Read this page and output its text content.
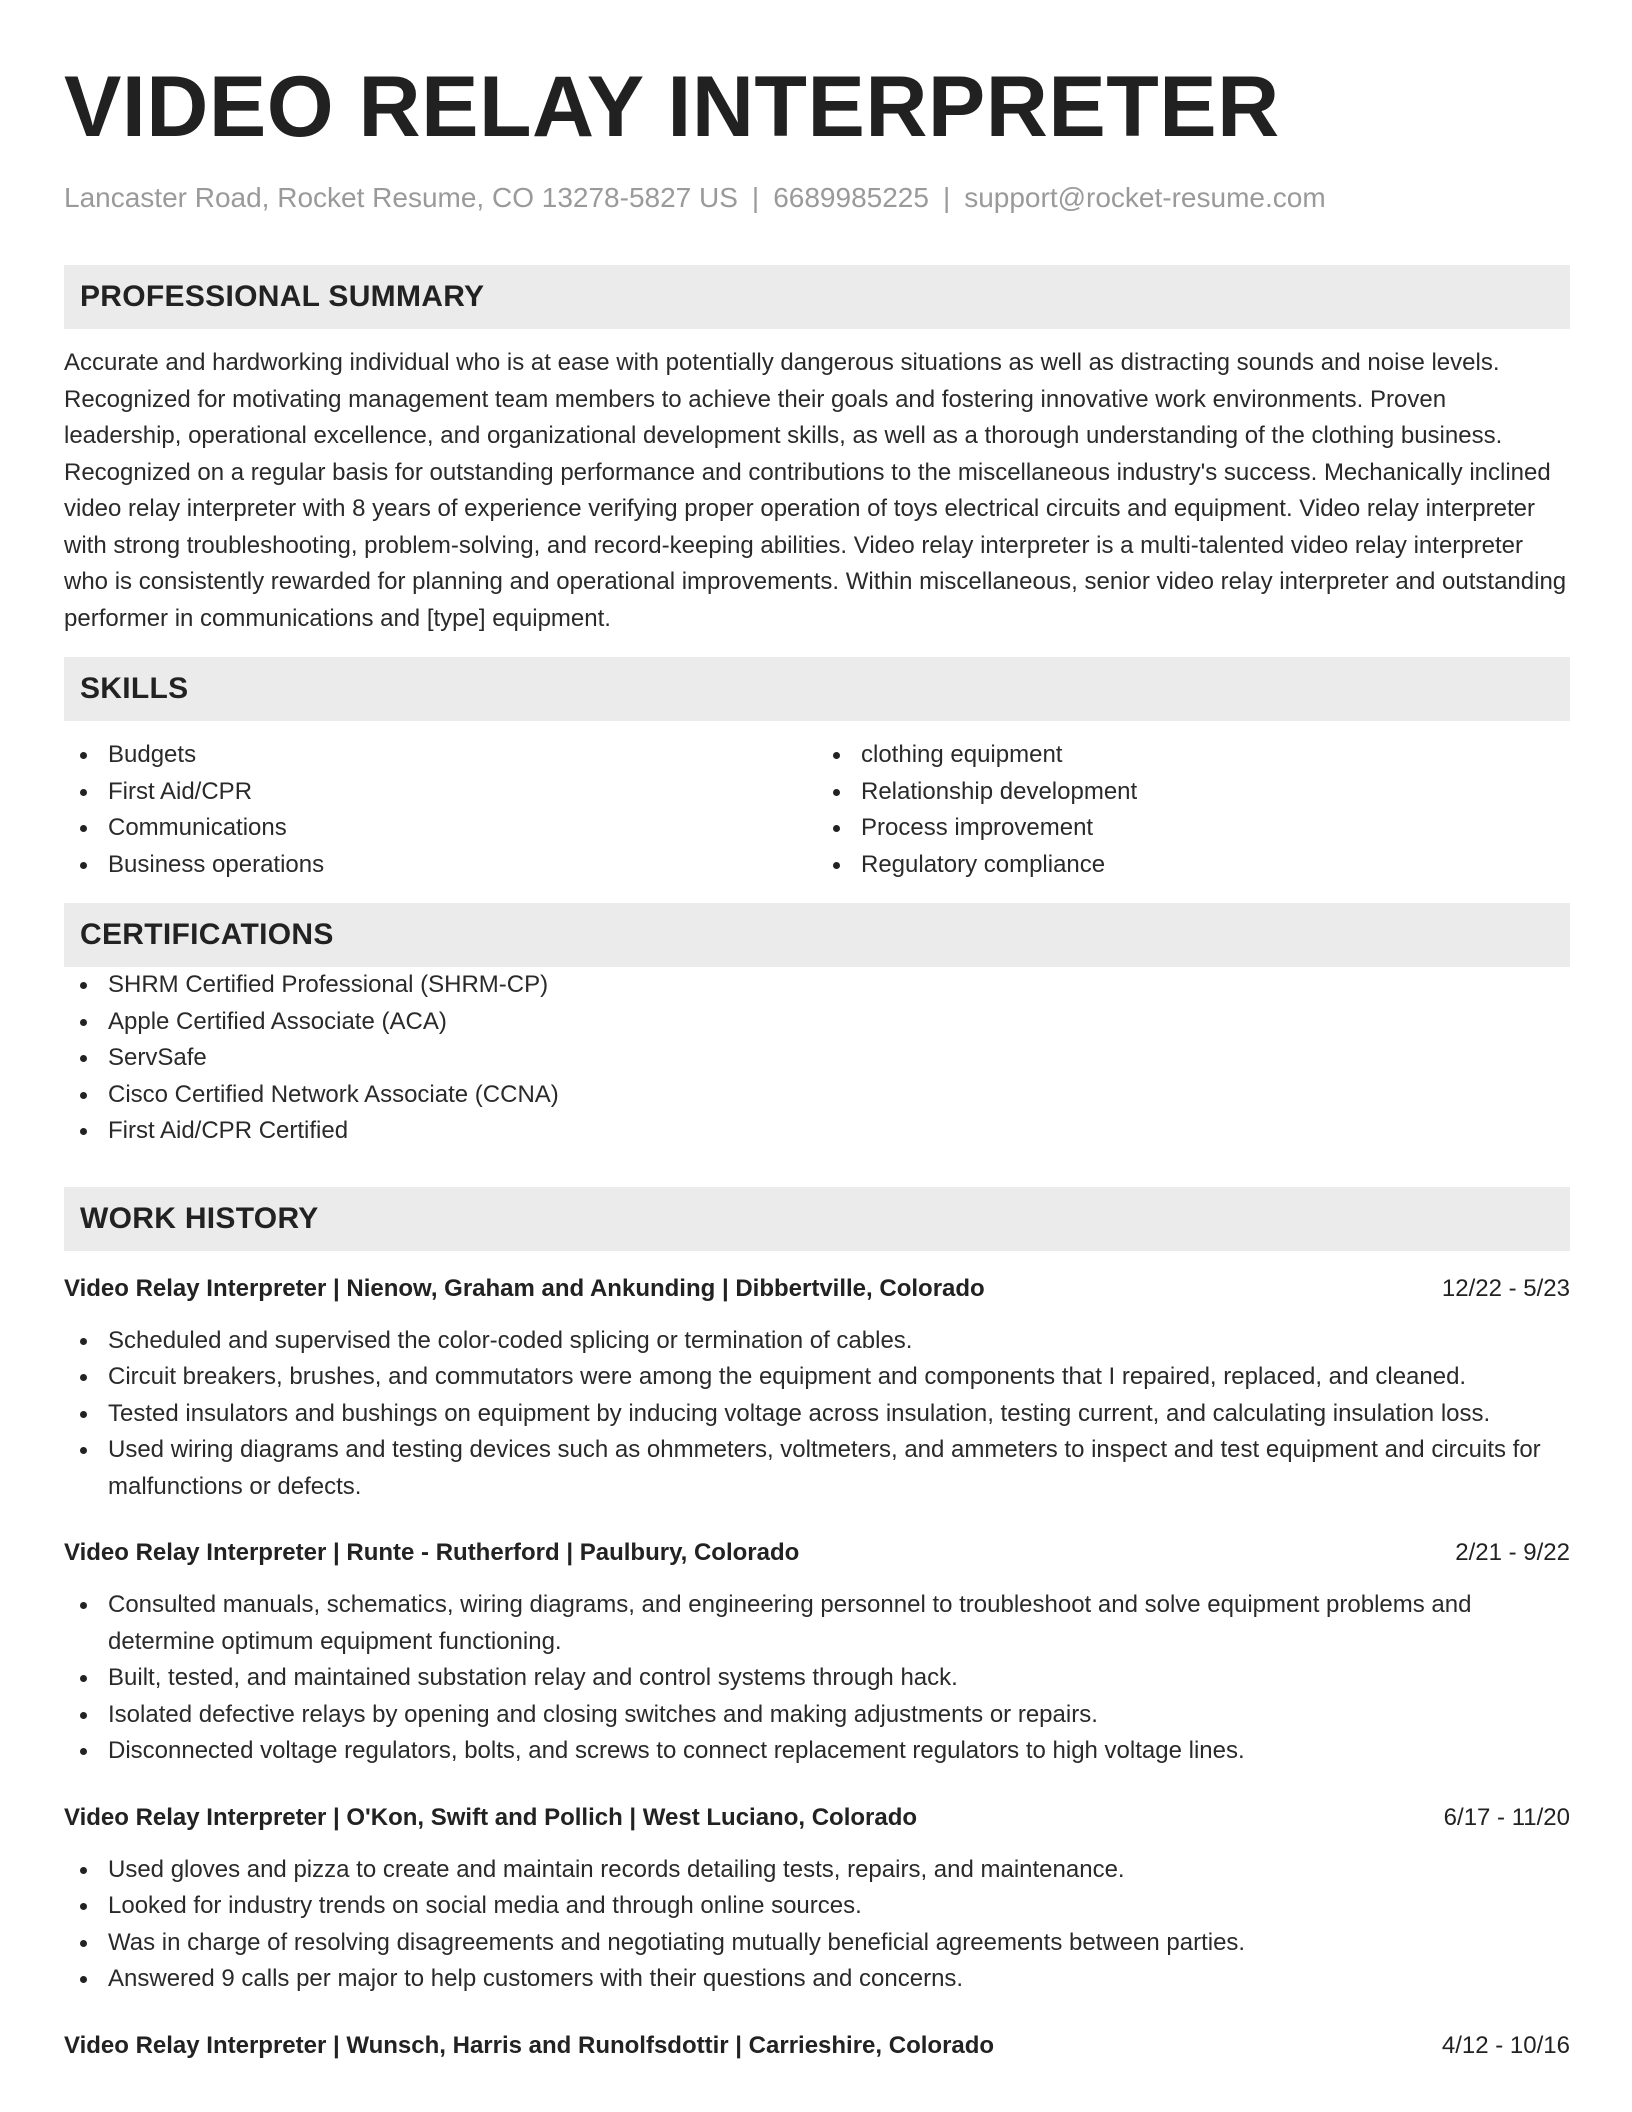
VIDEO RELAY INTERPRETER
Lancaster Road, Rocket Resume, CO 13278-5827 US | 6689985225 | support@rocket-resume.com
PROFESSIONAL SUMMARY
Accurate and hardworking individual who is at ease with potentially dangerous situations as well as distracting sounds and noise levels. Recognized for motivating management team members to achieve their goals and fostering innovative work environments. Proven leadership, operational excellence, and organizational development skills, as well as a thorough understanding of the clothing business. Recognized on a regular basis for outstanding performance and contributions to the miscellaneous industry's success. Mechanically inclined video relay interpreter with 8 years of experience verifying proper operation of toys electrical circuits and equipment. Video relay interpreter with strong troubleshooting, problem-solving, and record-keeping abilities. Video relay interpreter is a multi-talented video relay interpreter who is consistently rewarded for planning and operational improvements. Within miscellaneous, senior video relay interpreter and outstanding performer in communications and [type] equipment.
SKILLS
Budgets
First Aid/CPR
Communications
Business operations
clothing equipment
Relationship development
Process improvement
Regulatory compliance
CERTIFICATIONS
SHRM Certified Professional (SHRM-CP)
Apple Certified Associate (ACA)
ServSafe
Cisco Certified Network Associate (CCNA)
First Aid/CPR Certified
WORK HISTORY
Video Relay Interpreter | Nienow, Graham and Ankunding | Dibbertville, Colorado	12/22 - 5/23
Scheduled and supervised the color-coded splicing or termination of cables.
Circuit breakers, brushes, and commutators were among the equipment and components that I repaired, replaced, and cleaned.
Tested insulators and bushings on equipment by inducing voltage across insulation, testing current, and calculating insulation loss.
Used wiring diagrams and testing devices such as ohmmeters, voltmeters, and ammeters to inspect and test equipment and circuits for malfunctions or defects.
Video Relay Interpreter | Runte - Rutherford | Paulbury, Colorado	2/21 - 9/22
Consulted manuals, schematics, wiring diagrams, and engineering personnel to troubleshoot and solve equipment problems and determine optimum equipment functioning.
Built, tested, and maintained substation relay and control systems through hack.
Isolated defective relays by opening and closing switches and making adjustments or repairs.
Disconnected voltage regulators, bolts, and screws to connect replacement regulators to high voltage lines.
Video Relay Interpreter | O'Kon, Swift and Pollich | West Luciano, Colorado	6/17 - 11/20
Used gloves and pizza to create and maintain records detailing tests, repairs, and maintenance.
Looked for industry trends on social media and through online sources.
Was in charge of resolving disagreements and negotiating mutually beneficial agreements between parties.
Answered 9 calls per major to help customers with their questions and concerns.
Video Relay Interpreter | Wunsch, Harris and Runolfsdottir | Carrieshire, Colorado	4/12 - 10/16
